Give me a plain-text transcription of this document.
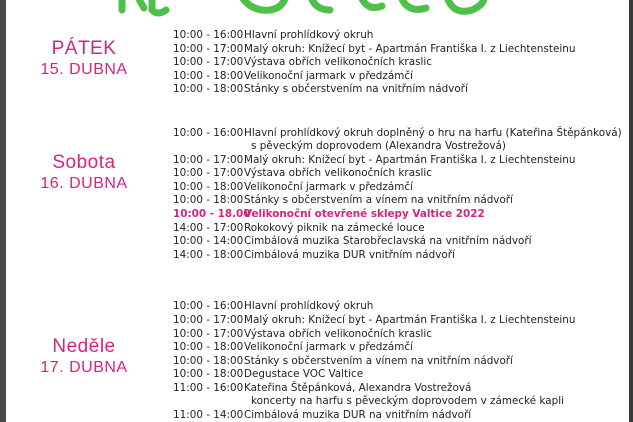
PÁTEK
15. DUBNA
Sobota
16. DUBNA
Neděle
17. DUBNA
10:00 - 16:00Hlavní prohlídkový okruh
10:00 - 17:00Malý okruh: Knížecí byt - Apartmán Františka I. z Liechtensteinu
10:00 - 17:00Výstava obřích velikonočních kraslic
10:00 - 18:00Velikonoční jarmark v předzámčí
10:00 - 18:00Stánky s občerstvením na vnitřním nádvoří
10:00 - 16:00Hlavní prohlídkový okruh doplněný o hru na harfu (Kateřina Štěpánková)
s pěveckým doprovodem (Alexandra Vostrežová)
10:00 - 17:00Malý okruh: Knížecí byt - Apartmán Františka I. z Liechtensteinu
10:00 - 17:00Výstava obřích velikonočních kraslic
10:00 - 18:00Velikonoční jarmark v předzámčí
10:00 - 18:00Stánky s občerstvením a vínem na vnitřním nádvoří
10:00 - 18.00Velikonoční otevřené sklepy Valtice 2022
14:00 - 17:00Rokokový piknik na zámecké louce
10:00 - 14:00Cimbálová muzika Starobřeclavská na vnitřním nádvoří
14:00 - 18:00Cimbálová muzika DUR vnitřním nádvoří
10:00 - 16:00Hlavní prohlídkový okruh
10:00 - 17:00Malý okruh: Knížecí byt - Apartmán Františka I. z Liechtensteinu
10:00 - 17:00Výstava obřích velikonočních kraslic
10:00 - 18:00Velikonoční jarmark v předzámčí
10:00 - 18:00Stánky s občerstvením a vínem na vnitřním nádvoří
10:00 - 18:00Degustace VOC Valtice
11:00 - 16:00Kateřina Štěpánková, Alexandra Vostrežová
koncerty na harfu s pěveckým doprovodem v zámecké kapli
11:00 - 14:00Cimbálová muzika DUR na vnitřním nádvoří
